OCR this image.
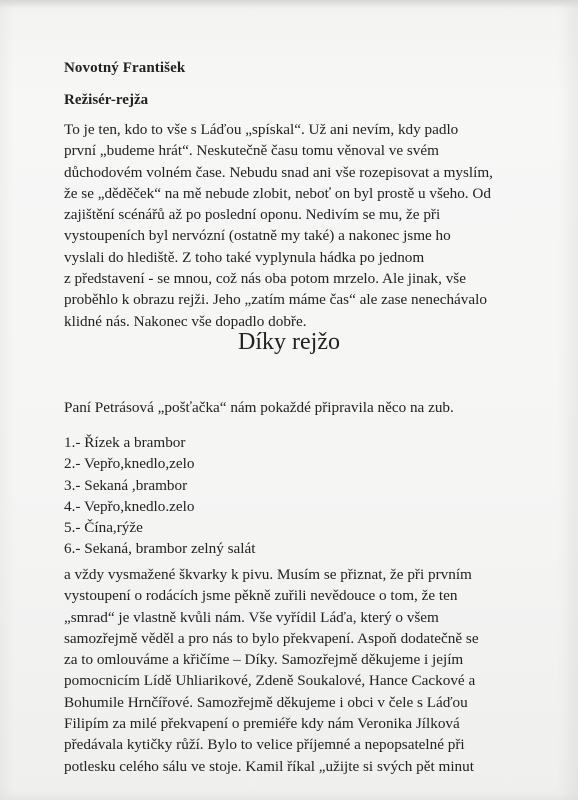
Novotný František
Režisér-rejža
To je ten, kdo to vše s Láďou „spískal“. Už ani nevím, kdy padlo
první „budeme hrát“. Neskutečně času tomu věnoval ve svém
důchodovém volném čase. Nebudu snad ani vše rozepisovat a myslím,
že se „děděček“ na mě nebude zlobit, neboť on byl prostě u všeho. Od
zajištění scénářů až po poslední oponu. Nedivím se mu, že při
vystoupeních byl nervózní (ostatně my také) a nakonec jsme ho
vyslali do hlediště. Z toho také vyplynula hádka po jednom
z představení - se mnou, což nás oba potom mrzelo. Ale jinak, vše
proběhlo k obrazu rejži. Jeho „zatím máme čas“ ale zase nenechávalo
klidné nás. Nakonec vše dopadlo dobře.
Díky rejžo
Paní Petrásová „pošťačka“ nám pokaždé připravila něco na zub.
1.- Řízek a brambor
2.- Vepřo,knedlo,zelo
3.- Sekaná ,brambor
4.- Vepřo,knedlo.zelo
5.- Čína,rýže
6.- Sekaná, brambor zelný salát
a vždy vysmažené škvarky k pivu. Musím se přiznat, že při prvním
vystoupení o rodácích jsme pěkně zuřili nevědouce o tom, že ten
„smrad“ je vlastně kvůli nám. Vše vyřídil Láďa, který o všem
samozřejmě věděl a pro nás to bylo překvapení. Aspoň dodatečně se
za to omlouváme a křičíme – Díky. Samozřejmě děkujeme i jejím
pomocnicím Lídě Uhliarikové, Zdeně Soukalové, Hance Cackové a
Bohumile Hrnčířové. Samozřejmě děkujeme i obci v čele s Láďou
Filipím za milé překvapení o premiéře kdy nám Veronika Jílková
předávala kytičky růží. Bylo to velice příjemné a nepopsatelné při
potlesku celého sálu ve stoje. Kamil říkal „užijte si svých pět minut
